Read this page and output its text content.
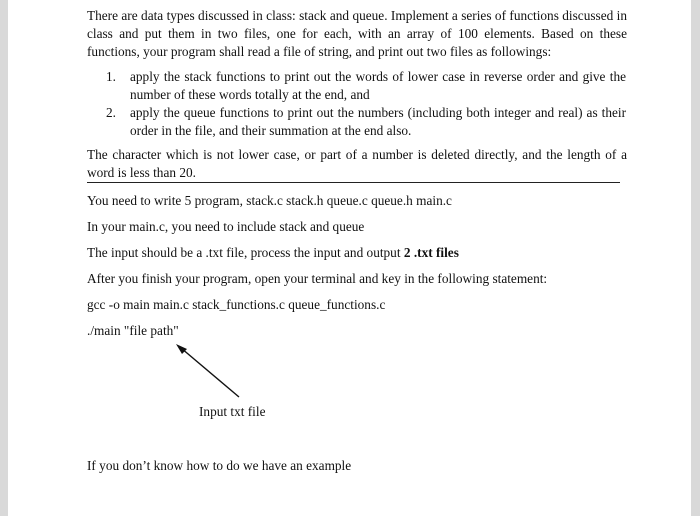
There are data types discussed in class: stack and queue. Implement a series of functions discussed in class and put them in two files, one for each, with an array of 100 elements. Based on these functions, your program shall read a file of string, and print out two files as followings:
1.	apply the stack functions to print out the words of lower case in reverse order and give the number of these words totally at the end, and
2.	apply the queue functions to print out the numbers (including both integer and real) as their order in the file, and their summation at the end also.
The character which is not lower case, or part of a number is deleted directly, and the length of a word is less than 20.
You need to write 5 program, stack.c stack.h queue.c queue.h main.c
In your main.c, you need to include stack and queue
The input should be a .txt file, process the input and output 2 .txt files
After you finish your program, open your terminal and key in the following statement:
gcc -o main main.c stack_functions.c queue_functions.c
./main "file path"
Input txt file
If you don’t know how to do we have an example
